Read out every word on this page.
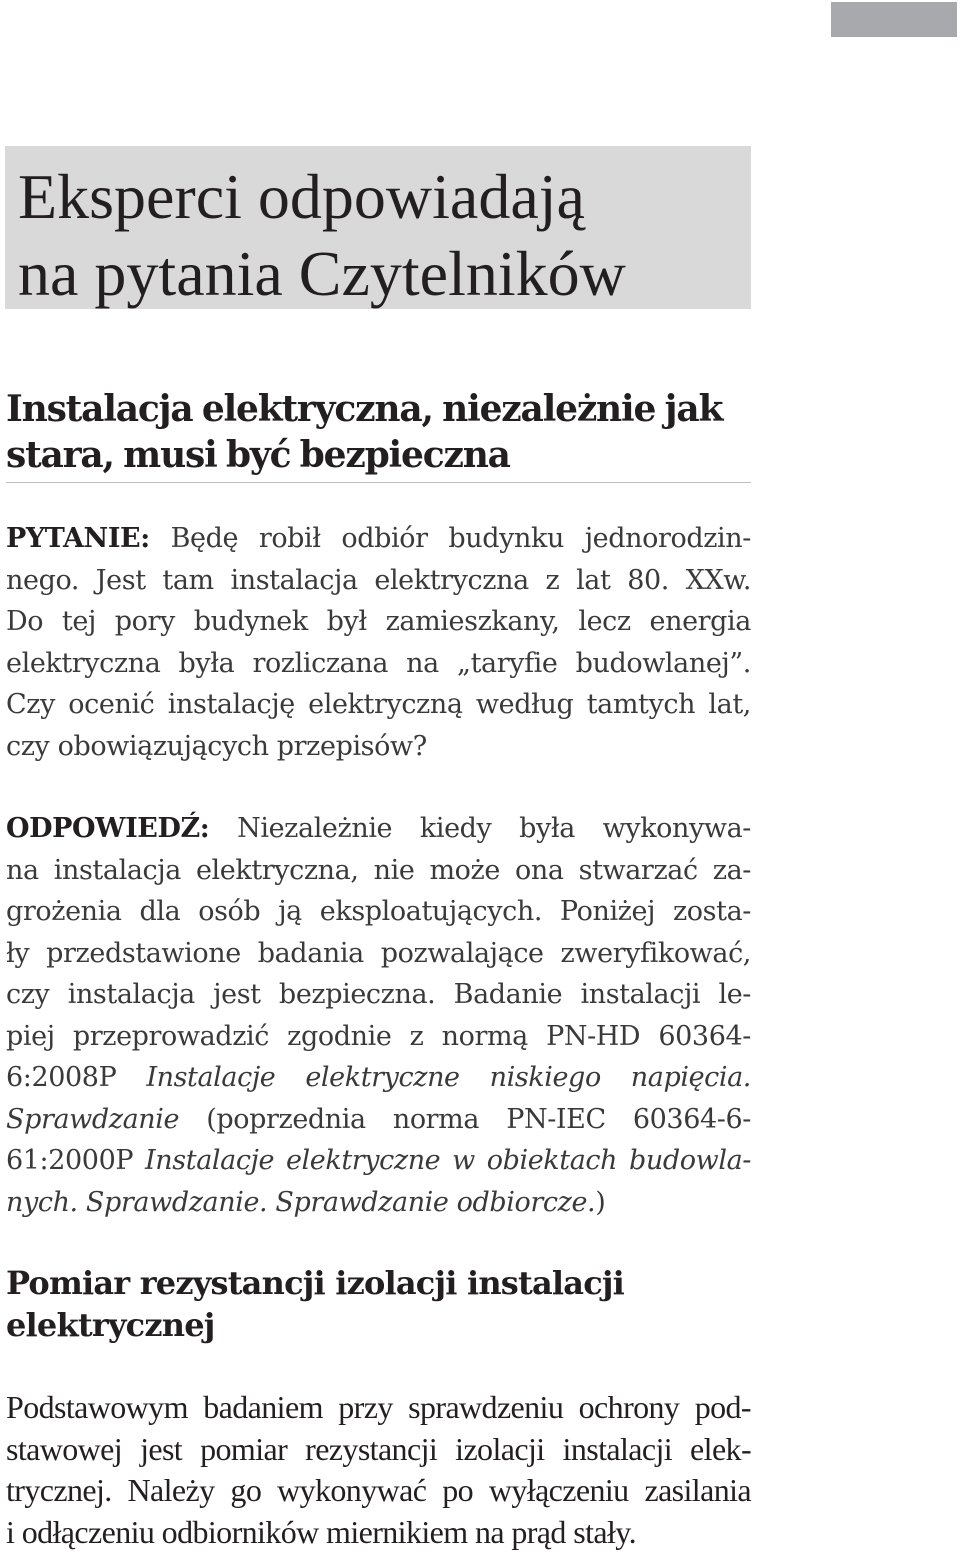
Eksperci odpowiadają
na pytania Czytelników
Instalacja elektryczna, niezależnie jak
stara, musi być bezpieczna
PYTANIE: Będę robił odbiór budynku jednorodzin-
nego. Jest tam instalacja elektryczna z lat 80. XXw.
Do tej pory budynek był zamieszkany, lecz energia
elektryczna była rozliczana na „taryfie budowlanej”.
Czy ocenić instalację elektryczną według tamtych lat,
czy obowiązujących przepisów?
ODPOWIEDŹ: Niezależnie kiedy była wykonywa-
na instalacja elektryczna, nie może ona stwarzać za-
grożenia dla osób ją eksploatujących. Poniżej zosta-
ły przedstawione badania pozwalające zweryfikować,
czy instalacja jest bezpieczna. Badanie instalacji le-
piej przeprowadzić zgodnie z normą PN-HD 60364-
6:2008P Instalacje elektryczne niskiego napięcia.
Sprawdzanie (poprzednia norma PN-IEC 60364-6-
61:2000P Instalacje elektryczne w obiektach budowla-
nych. Sprawdzanie. Sprawdzanie odbiorcze.)
Pomiar rezystancji izolacji instalacji
elektrycznej
Podstawowym badaniem przy sprawdzeniu ochrony pod-
stawowej jest pomiar rezystancji izolacji instalacji elek-
trycznej. Należy go wykonywać po wyłączeniu zasilania
i odłączeniu odbiorników miernikiem na prąd stały.
